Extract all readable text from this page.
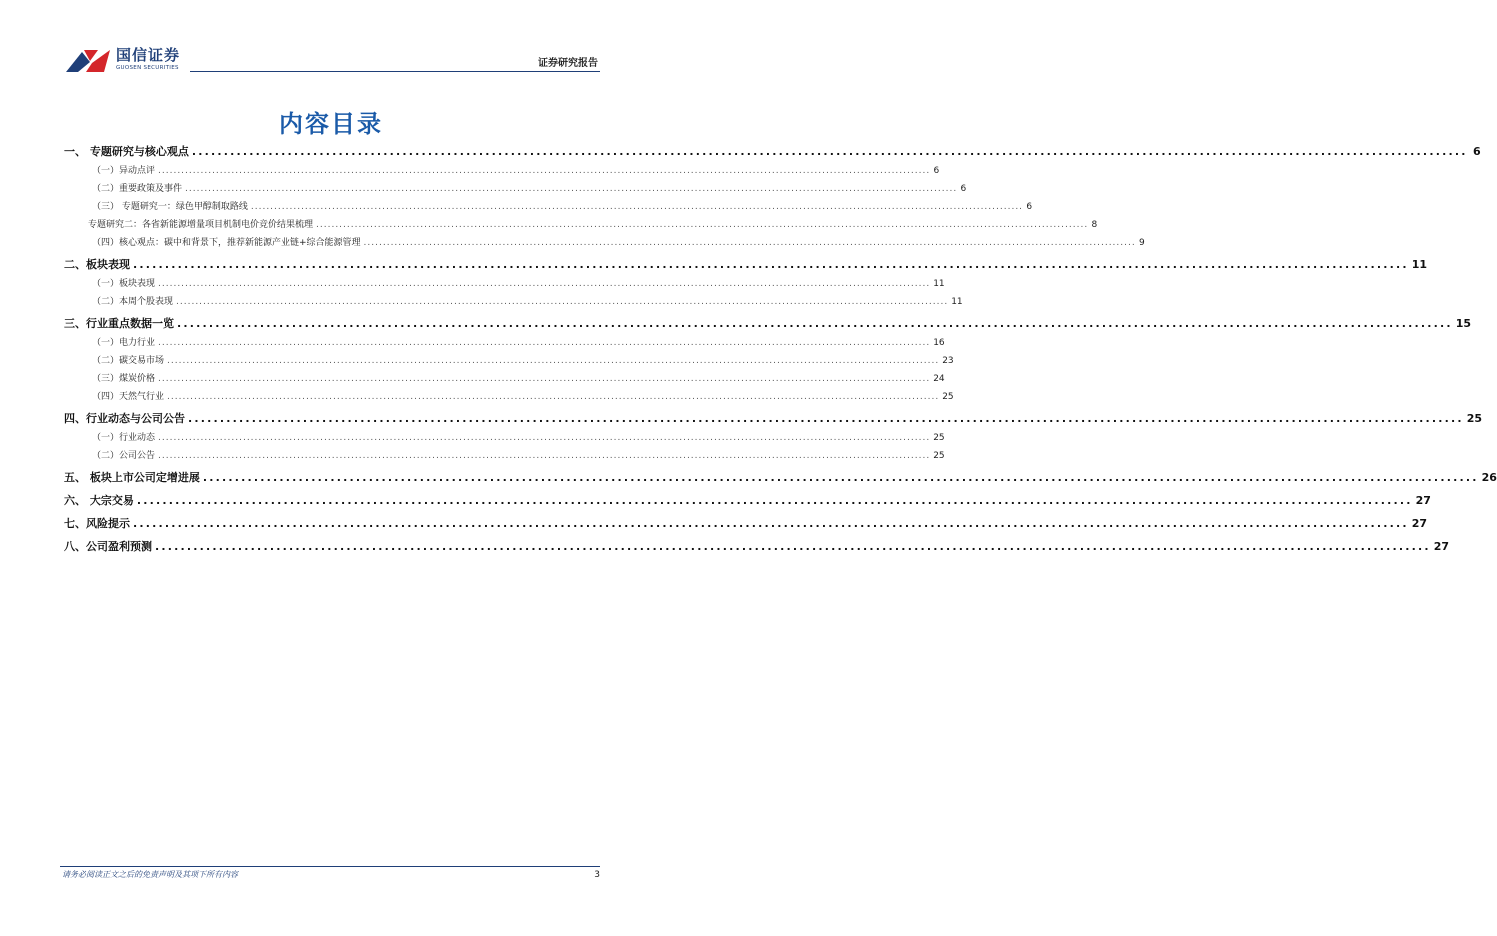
国信证券
GUOSEN SECURITIES	证券研究报告
内容目录
一、 专题研究与核心观点 ........................................................................................................................................................................................................ 6
（一）异动点评 ........................................................................................................................................................................................................ 6
（二）重要政策及事件 ........................................................................................................................................................................................................ 6
（三） 专题研究一：绿色甲醇制取路线 ........................................................................................................................................................................................................ 6
专题研究二：各省新能源增量项目机制电价竞价结果梳理 ........................................................................................................................................................................................................ 8
（四）核心观点：碳中和背景下，推荐新能源产业链+综合能源管理 ........................................................................................................................................................................................................ 9
二、板块表现 ........................................................................................................................................................................................................ 11
（一）板块表现 ........................................................................................................................................................................................................ 11
（二）本周个股表现 ........................................................................................................................................................................................................ 11
三、行业重点数据一览 ........................................................................................................................................................................................................ 15
（一）电力行业 ........................................................................................................................................................................................................ 16
（二）碳交易市场 ........................................................................................................................................................................................................ 23
（三）煤炭价格 ........................................................................................................................................................................................................ 24
（四）天然气行业 ........................................................................................................................................................................................................ 25
四、行业动态与公司公告 ........................................................................................................................................................................................................ 25
（一）行业动态 ........................................................................................................................................................................................................ 25
（二）公司公告 ........................................................................................................................................................................................................ 25
五、 板块上市公司定增进展 ........................................................................................................................................................................................................ 26
六、 大宗交易 ........................................................................................................................................................................................................ 27
七、风险提示 ........................................................................................................................................................................................................ 27
八、公司盈利预测 ........................................................................................................................................................................................................ 27
请务必阅读正文之后的免责声明及其项下所有内容	3
